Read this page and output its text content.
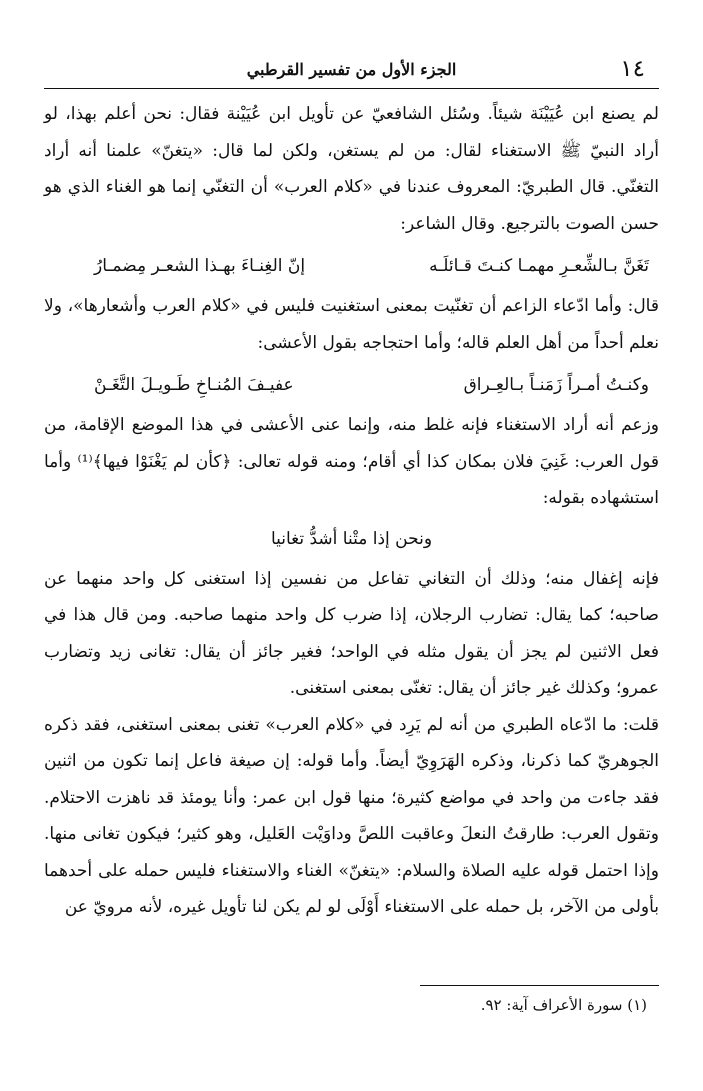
١٤
الجزء الأول من تفسير القرطبي

لم يصنع ابن عُيَيْنَة شيئاً. وسُئل الشافعيّ عن تأويل ابن عُيَيْنة فقال: نحن أعلم بهذا، لو أراد النبيّ ﷺ الاستغناء لقال: من لم يستغن، ولكن لما قال: «يتغنّ» علمنا أنه أراد التغنّي. قال الطبريّ: المعروف عندنا في «كلام العرب» أن التغنّي إنما هو الغناء الذي هو حسن الصوت بالترجيع. وقال الشاعر:

تَغَنَّ بـالشِّعـرِ مهمـا كنـتَ قـائلَـه
إنّ الغِنـاءَ بهـذا الشعـر مِضمـارُ

قال: وأما ادّعاء الزاعم أن تغنّيت بمعنى استغنيت فليس في «كلام العرب وأشعارها»، ولا نعلم أحداً من أهل العلم قاله؛ وأما احتجاجه بقول الأعشى:

وكنـتُ أمـراً زَمَنـاً بـالعِـراق
عفيـفَ المُنـاخِ طَـويـلَ التَّغَـنْ

وزعم أنه أراد الاستغناء فإنه غلط منه، وإنما عنى الأعشى في هذا الموضع الإقامة، من قول العرب: غَنِيَ فلان بمكان كذا أي أقام؛ ومنه قوله تعالى: ﴿كأن لم يَغْنَوْا فيها﴾⁽¹⁾ وأما استشهاده بقوله:

ونحن إذا متْنا أشدُّ تغانيا

فإنه إغفال منه؛ وذلك أن التغاني تفاعل من نفسين إذا استغنى كل واحد منهما عن صاحبه؛ كما يقال: تضارب الرجلان، إذا ضرب كل واحد منهما صاحبه. ومن قال هذا في فعل الاثنين لم يجز أن يقول مثله في الواحد؛ فغير جائز أن يقال: تغانى زيد وتضارب عمرو؛ وكذلك غير جائز أن يقال: تغنّى بمعنى استغنى.

قلت: ما ادّعاه الطبري من أنه لم يَرِد في «كلام العرب» تغنى بمعنى استغنى، فقد ذكره الجوهريّ كما ذكرنا، وذكره الهَرَوِيّ أيضاً. وأما قوله: إن صيغة فاعل إنما تكون من اثنين فقد جاءت من واحد في مواضع كثيرة؛ منها قول ابن عمر: وأنا يومئذ قد ناهزت الاحتلام. وتقول العرب: طارقتُ النعلَ وعاقبت اللصَّ وداوَيْت العَليل، وهو كثير؛ فيكون تغانى منها. وإذا احتمل قوله عليه الصلاة والسلام: «يتغنّ» الغناء والاستغناء فليس حمله على أحدهما بأولى من الآخر، بل حمله على الاستغناء أَوْلَى لو لم يكن لنا تأويل غيره، لأنه مرويّ عن

(١) سورة الأعراف آية: ٩٢.
